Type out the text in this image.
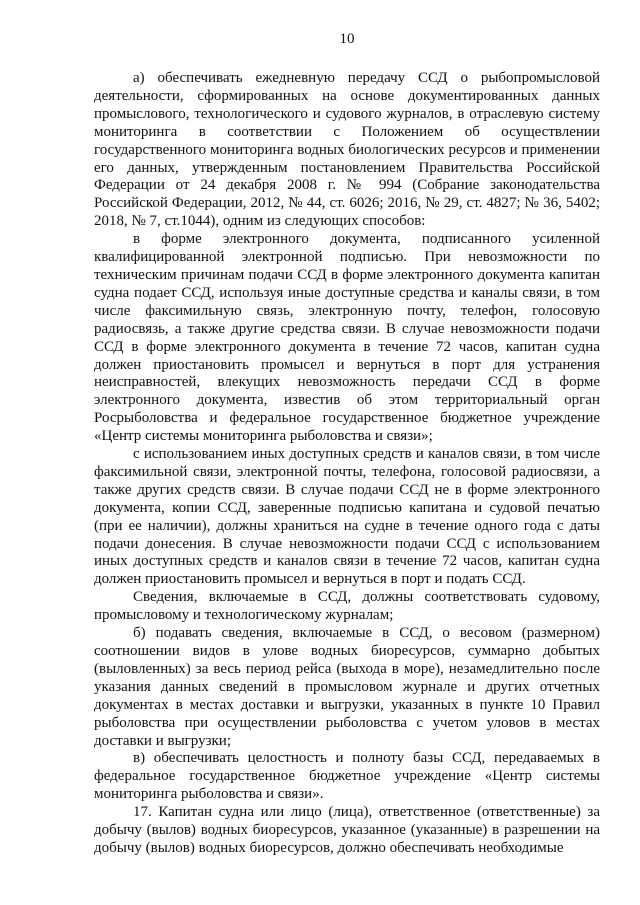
10

а) обеспечивать ежедневную передачу ССД о рыбопромысловой деятельности, сформированных на основе документированных данных промыслового, технологического и судового журналов, в отраслевую систему мониторинга в соответствии с Положением об осуществлении государственного мониторинга водных биологических ресурсов и применении его данных, утвержденным постановлением Правительства Российской Федерации от 24 декабря 2008 г. № 994 (Собрание законодательства Российской Федерации, 2012, № 44, ст. 6026; 2016, № 29, ст. 4827; № 36, 5402; 2018, № 7, ст.1044), одним из следующих способов:

в форме электронного документа, подписанного усиленной квалифицированной электронной подписью. При невозможности по техническим причинам подачи ССД в форме электронного документа капитан судна подает ССД, используя иные доступные средства и каналы связи, в том числе факсимильную связь, электронную почту, телефон, голосовую радиосвязь, а также другие средства связи. В случае невозможности подачи ССД в форме электронного документа в течение 72 часов, капитан судна должен приостановить промысел и вернуться в порт для устранения неисправностей, влекущих невозможность передачи ССД в форме электронного документа, известив об этом территориальный орган Росрыболовства и федеральное государственное бюджетное учреждение «Центр системы мониторинга рыболовства и связи»;

с использованием иных доступных средств и каналов связи, в том числе факсимильной связи, электронной почты, телефона, голосовой радиосвязи, а также других средств связи. В случае подачи ССД не в форме электронного документа, копии ССД, заверенные подписью капитана и судовой печатью (при ее наличии), должны храниться на судне в течение одного года с даты подачи донесения. В случае невозможности подачи ССД с использованием иных доступных средств и каналов связи в течение 72 часов, капитан судна должен приостановить промысел и вернуться в порт и подать ССД.

Сведения, включаемые в ССД, должны соответствовать судовому, промысловому и технологическому журналам;

б) подавать сведения, включаемые в ССД, о весовом (размерном) соотношении видов в улове водных биоресурсов, суммарно добытых (выловленных) за весь период рейса (выхода в море), незамедлительно после указания данных сведений в промысловом журнале и других отчетных документах в местах доставки и выгрузки, указанных в пункте 10 Правил рыболовства при осуществлении рыболовства с учетом уловов в местах доставки и выгрузки;

в) обеспечивать целостность и полноту базы ССД, передаваемых в федеральное государственное бюджетное учреждение «Центр системы мониторинга рыболовства и связи».

17. Капитан судна или лицо (лица), ответственное (ответственные) за добычу (вылов) водных биоресурсов, указанное (указанные) в разрешении на добычу (вылов) водных биоресурсов, должно обеспечивать необходимые
